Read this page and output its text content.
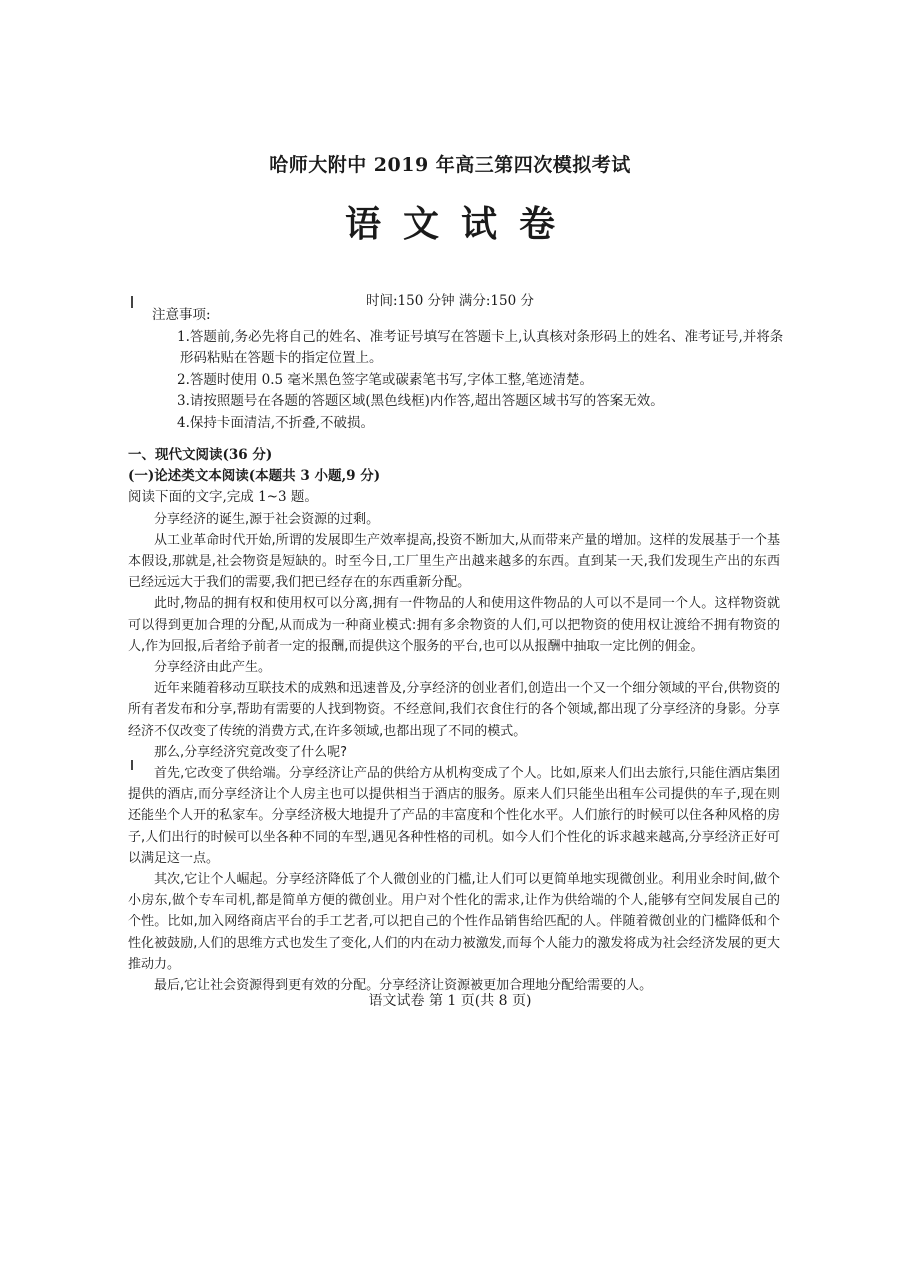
哈师大附中 2019 年高三第四次模拟考试
语文试卷
时间:150 分钟 满分:150 分

注意事项:

1.答题前,务必先将自己的姓名、准考证号填写在答题卡上,认真核对条形码上的姓名、准考证号,并将条形码粘贴在答题卡的指定位置上。
2.答题时使用 0.5 毫米黑色签字笔或碳素笔书写,字体工整,笔迹清楚。
3.请按照题号在各题的答题区域(黑色线框)内作答,超出答题区域书写的答案无效。
4.保持卡面清洁,不折叠,不破损。

一、现代文阅读(36 分)

(一)论述类文本阅读(本题共 3 小题,9 分)

阅读下面的文字,完成 1~3 题。

分享经济的诞生,源于社会资源的过剩。

从工业革命时代开始,所谓的发展即生产效率提高,投资不断加大,从而带来产量的增加。这样的发展基于一个基本假设,那就是,社会物资是短缺的。时至今日,工厂里生产出越来越多的东西。直到某一天,我们发现生产出的东西已经远远大于我们的需要,我们把已经存在的东西重新分配。

此时,物品的拥有权和使用权可以分离,拥有一件物品的人和使用这件物品的人可以不是同一个人。这样物资就可以得到更加合理的分配,从而成为一种商业模式:拥有多余物资的人们,可以把物资的使用权让渡给不拥有物资的人,作为回报,后者给予前者一定的报酬,而提供这个服务的平台,也可以从报酬中抽取一定比例的佣金。

分享经济由此产生。

近年来随着移动互联技术的成熟和迅速普及,分享经济的创业者们,创造出一个又一个细分领域的平台,供物资的所有者发布和分享,帮助有需要的人找到物资。不经意间,我们衣食住行的各个领域,都出现了分享经济的身影。分享经济不仅改变了传统的消费方式,在许多领域,也都出现了不同的模式。

那么,分享经济究竟改变了什么呢?

首先,它改变了供给端。分享经济让产品的供给方从机构变成了个人。比如,原来人们出去旅行,只能住酒店集团提供的酒店,而分享经济让个人房主也可以提供相当于酒店的服务。原来人们只能坐出租车公司提供的车子,现在则还能坐个人开的私家车。分享经济极大地提升了产品的丰富度和个性化水平。人们旅行的时候可以住各种风格的房子,人们出行的时候可以坐各种不同的车型,遇见各种性格的司机。如今人们个性化的诉求越来越高,分享经济正好可以满足这一点。

其次,它让个人崛起。分享经济降低了个人微创业的门槛,让人们可以更简单地实现微创业。利用业余时间,做个小房东,做个专车司机,都是简单方便的微创业。用户对个性化的需求,让作为供给端的个人,能够有空间发展自己的个性。比如,加入网络商店平台的手工艺者,可以把自己的个性作品销售给匹配的人。伴随着微创业的门槛降低和个性化被鼓励,人们的思维方式也发生了变化,人们的内在动力被激发,而每个人能力的激发将成为社会经济发展的更大推动力。

最后,它让社会资源得到更有效的分配。分享经济让资源被更加合理地分配给需要的人。

语文试卷 第 1 页(共 8 页)
